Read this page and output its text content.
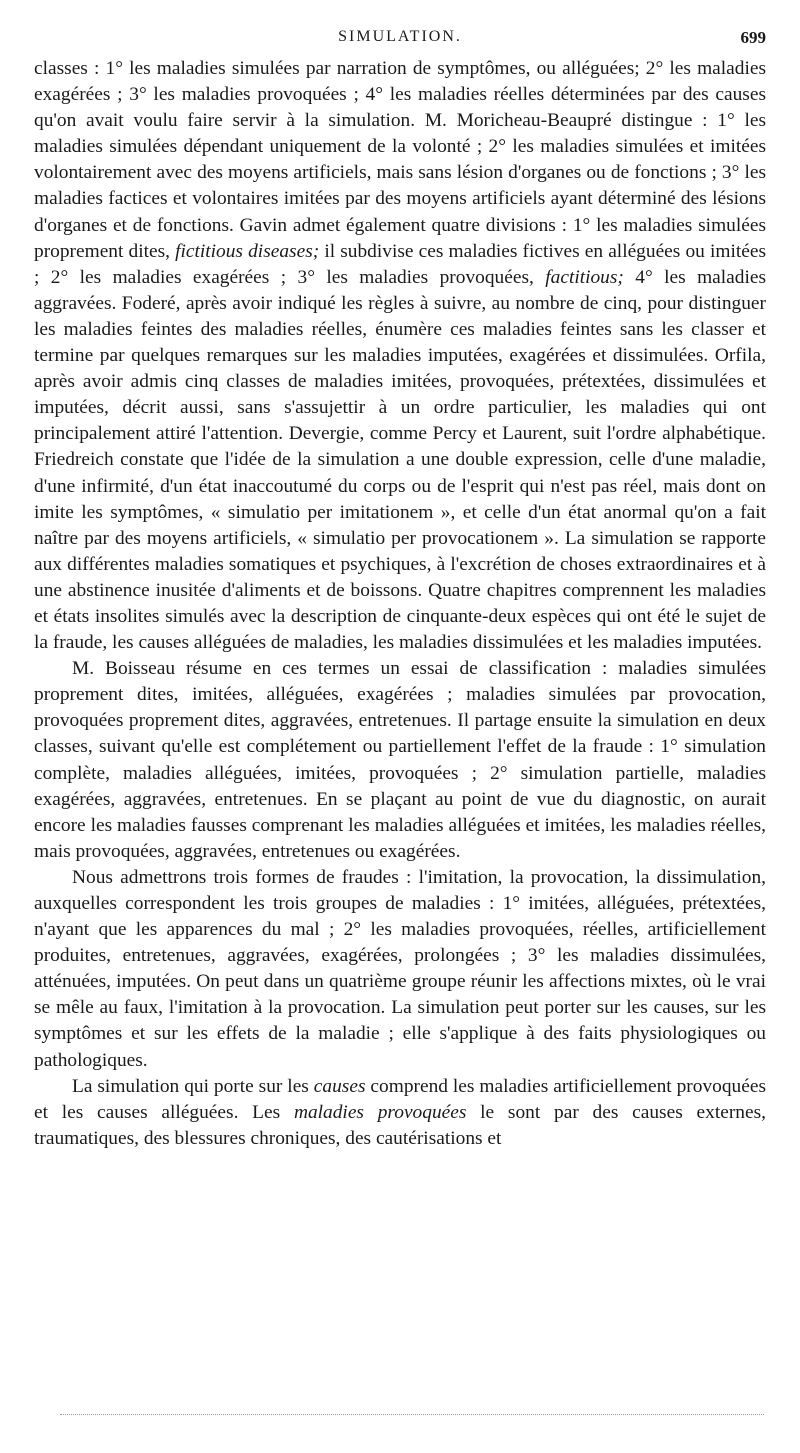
SIMULATION.	699

classes : 1° les maladies simulées par narration de symptômes, ou alléguées; 2° les maladies exagérées ; 3° les maladies provoquées ; 4° les maladies réelles déterminées par des causes qu'on avait voulu faire servir à la simulation. M. Moricheau-Beaupré distingue : 1° les maladies simulées dépendant uniquement de la volonté ; 2° les maladies simulées et imitées volontairement avec des moyens artificiels, mais sans lésion d'organes ou de fonctions ; 3° les maladies factices et volontaires imitées par des moyens artificiels ayant déterminé des lésions d'organes et de fonctions. Gavin admet également quatre divisions : 1° les maladies simulées proprement dites, fictitious diseases; il subdivise ces maladies fictives en alléguées ou imitées ; 2° les maladies exagérées ; 3° les maladies provoquées, factitious; 4° les maladies aggravées. Foderé, après avoir indiqué les règles à suivre, au nombre de cinq, pour distinguer les maladies feintes des maladies réelles, énumère ces maladies feintes sans les classer et termine par quelques remarques sur les maladies imputées, exagérées et dissimulées. Orfila, après avoir admis cinq classes de maladies imitées, provoquées, prétextées, dissimulées et imputées, décrit aussi, sans s'assujettir à un ordre particulier, les maladies qui ont principalement attiré l'attention. Devergie, comme Percy et Laurent, suit l'ordre alphabétique. Friedreich constate que l'idée de la simulation a une double expression, celle d'une maladie, d'une infirmité, d'un état inaccoutumé du corps ou de l'esprit qui n'est pas réel, mais dont on imite les symptômes, « simulatio per imitationem », et celle d'un état anormal qu'on a fait naître par des moyens artificiels, « simulatio per provocationem ». La simulation se rapporte aux différentes maladies somatiques et psychiques, à l'excrétion de choses extraordinaires et à une abstinence inusitée d'aliments et de boissons. Quatre chapitres comprennent les maladies et états insolites simulés avec la description de cinquante-deux espèces qui ont été le sujet de la fraude, les causes alléguées de maladies, les maladies dissimulées et les maladies imputées.

M. Boisseau résume en ces termes un essai de classification : maladies simulées proprement dites, imitées, alléguées, exagérées ; maladies simulées par provocation, provoquées proprement dites, aggravées, entretenues. Il partage ensuite la simulation en deux classes, suivant qu'elle est complétement ou partiellement l'effet de la fraude : 1° simulation complète, maladies alléguées, imitées, provoquées ; 2° simulation partielle, maladies exagérées, aggravées, entretenues. En se plaçant au point de vue du diagnostic, on aurait encore les maladies fausses comprenant les maladies alléguées et imitées, les maladies réelles, mais provoquées, aggravées, entretenues ou exagérées.

Nous admettrons trois formes de fraudes : l'imitation, la provocation, la dissimulation, auxquelles correspondent les trois groupes de maladies : 1° imitées, alléguées, prétextées, n'ayant que les apparences du mal ; 2° les maladies provoquées, réelles, artificiellement produites, entretenues, aggravées, exagérées, prolongées ; 3° les maladies dissimulées, atténuées, imputées. On peut dans un quatrième groupe réunir les affections mixtes, où le vrai se mêle au faux, l'imitation à la provocation. La simulation peut porter sur les causes, sur les symptômes et sur les effets de la maladie ; elle s'applique à des faits physiologiques ou pathologiques.

La simulation qui porte sur les causes comprend les maladies artificiellement provoquées et les causes alléguées. Les maladies provoquées le sont par des causes externes, traumatiques, des blessures chroniques, des cautérisations et
